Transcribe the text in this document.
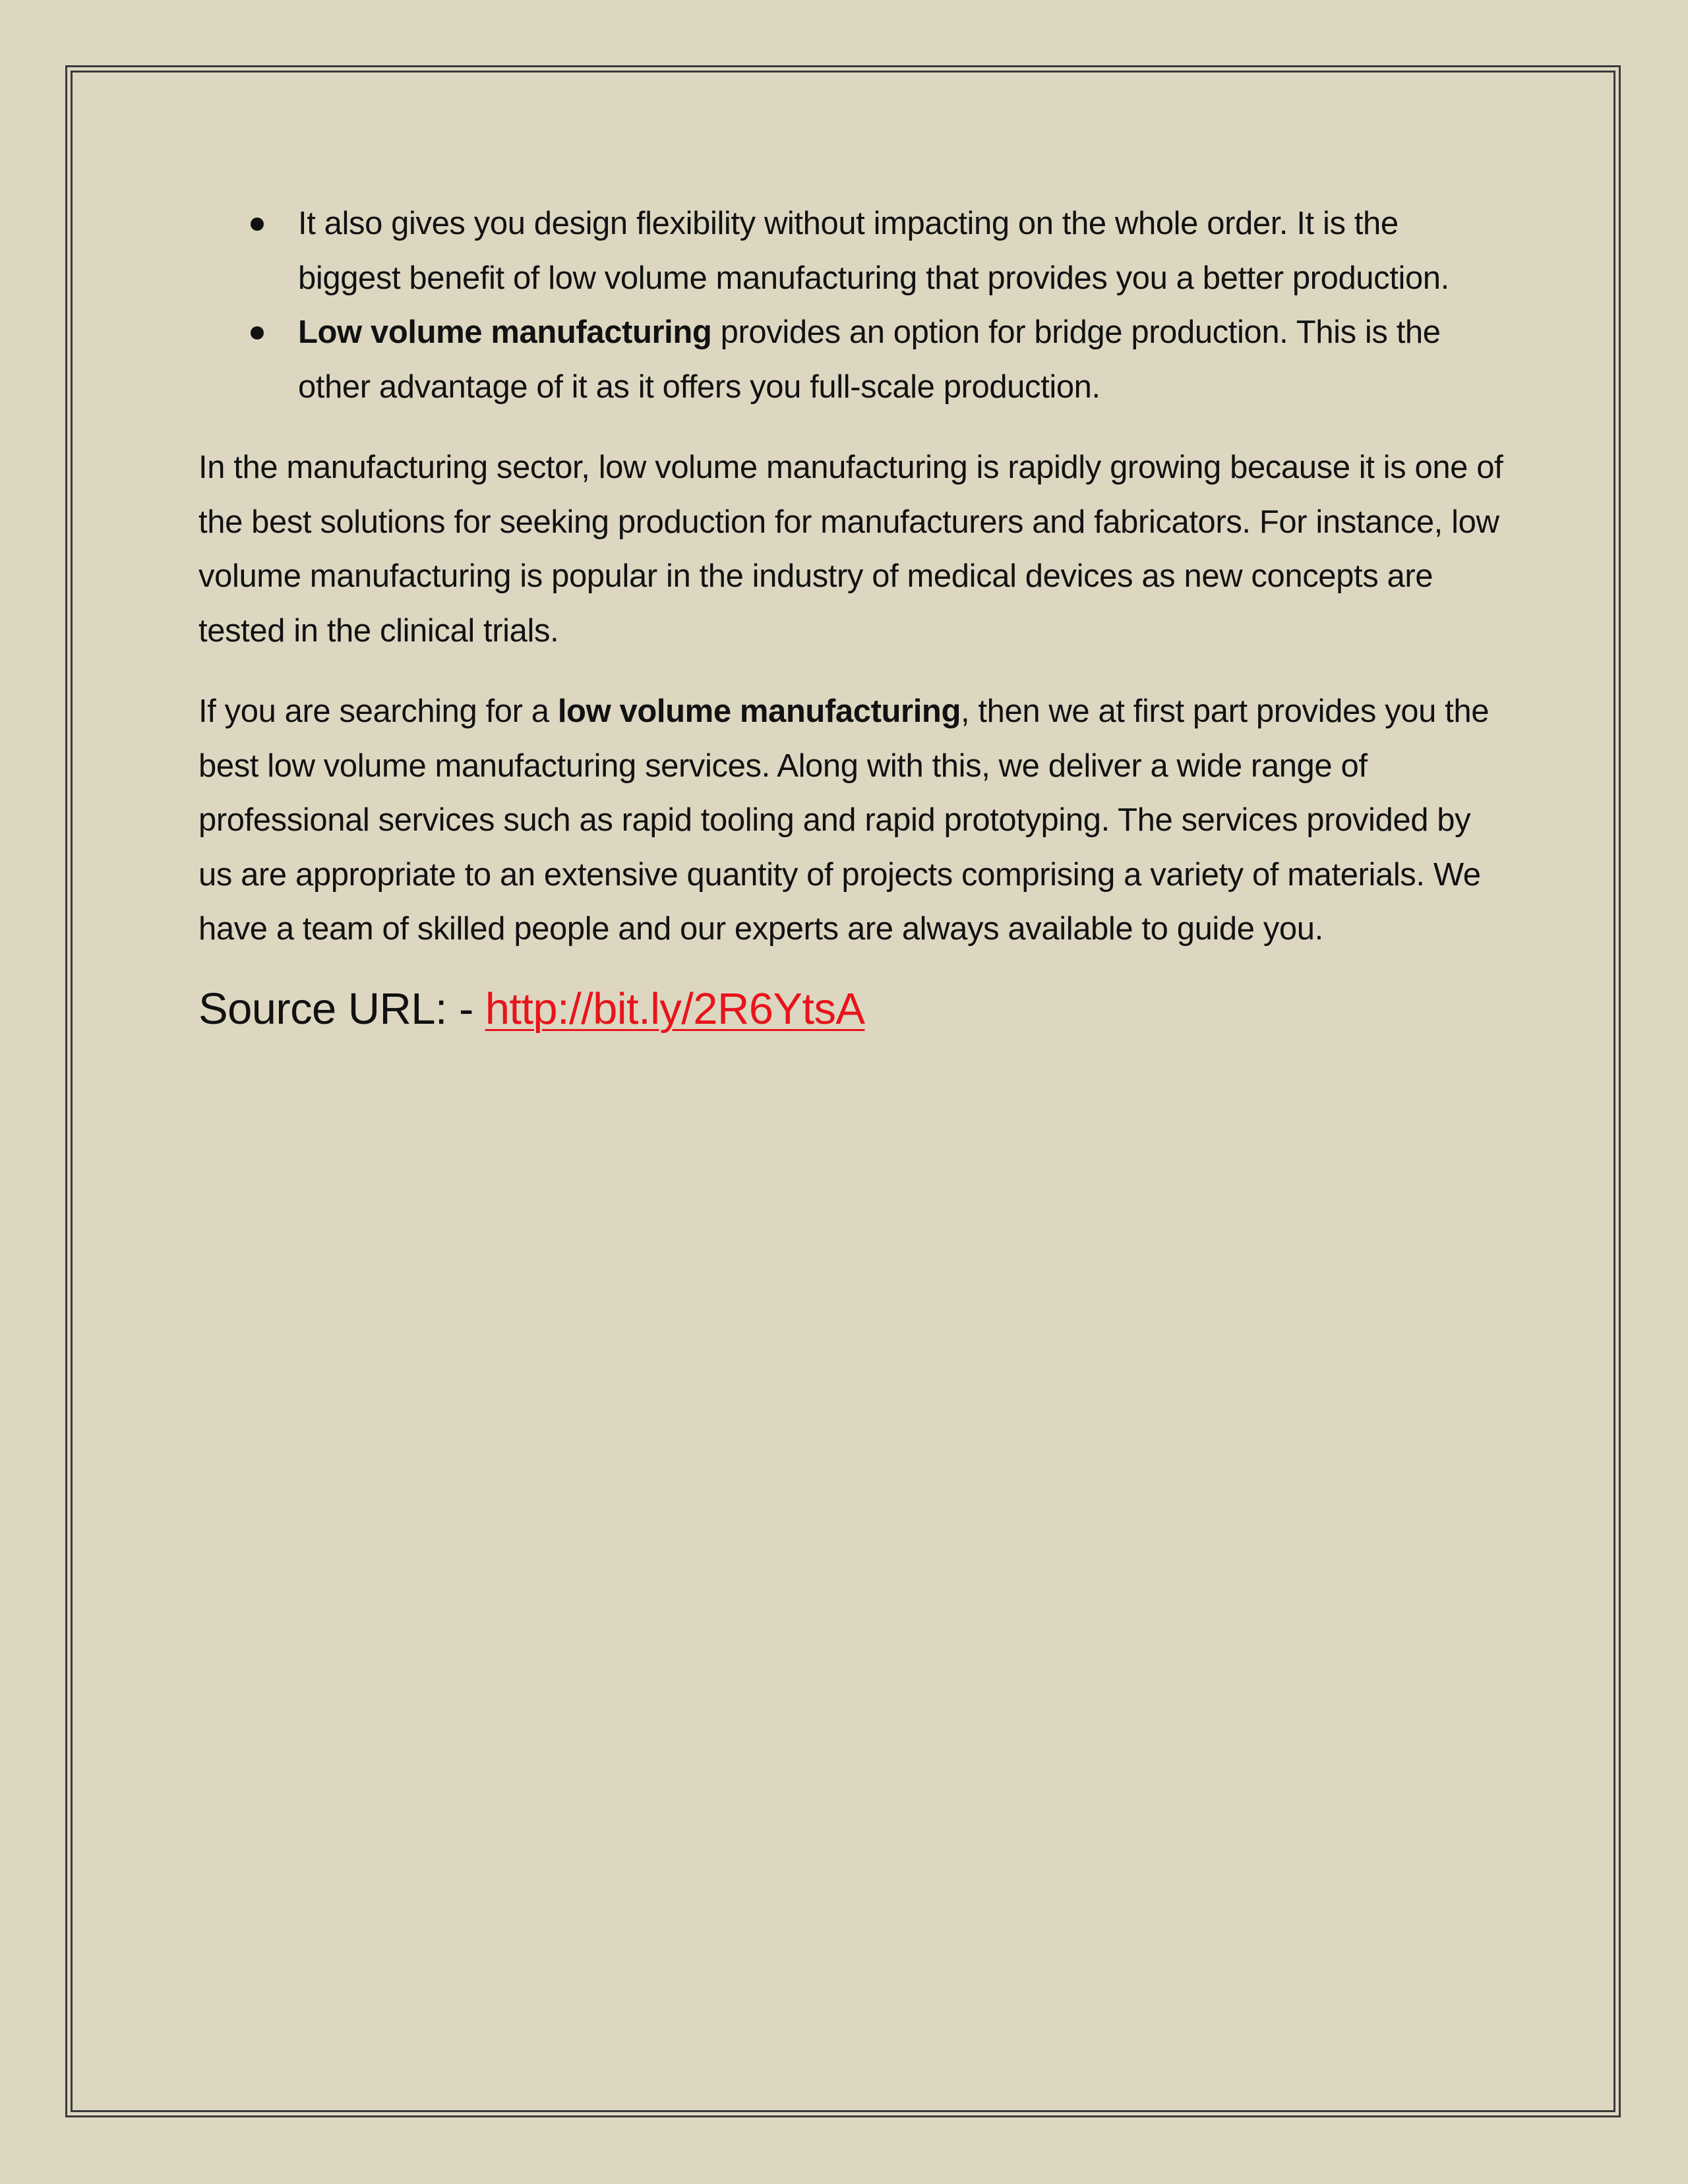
It also gives you design flexibility without impacting on the whole order. It is the biggest benefit of low volume manufacturing that provides you a better production.
Low volume manufacturing provides an option for bridge production. This is the other advantage of it as it offers you full-scale production.

In the manufacturing sector, low volume manufacturing is rapidly growing because it is one of the best solutions for seeking production for manufacturers and fabricators. For instance, low volume manufacturing is popular in the industry of medical devices as new concepts are tested in the clinical trials.

If you are searching for a low volume manufacturing, then we at first part provides you the best low volume manufacturing services. Along with this, we deliver a wide range of professional services such as rapid tooling and rapid prototyping. The services provided by us are appropriate to an extensive quantity of projects comprising a variety of materials. We have a team of skilled people and our experts are always available to guide you.

Source URL: - http://bit.ly/2R6YtsA
